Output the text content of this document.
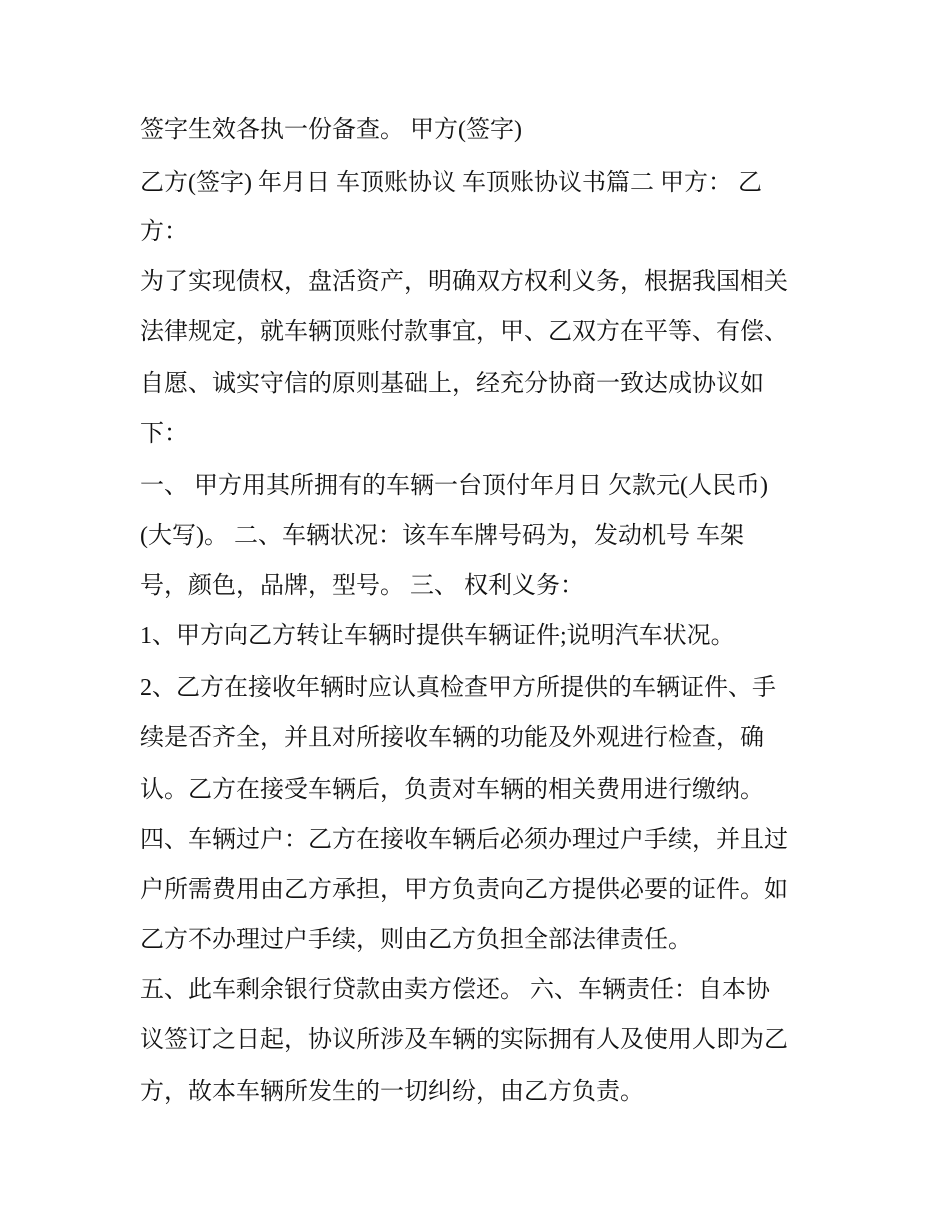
签字生效各执一份备查。 甲方(签字)
乙方(签字) 年月日 车顶账协议 车顶账协议书篇二 甲方： 乙
方：
为了实现债权，盘活资产，明确双方权利义务，根据我国相关
法律规定，就车辆顶账付款事宜，甲、乙双方在平等、有偿、
自愿、诚实守信的原则基础上，经充分协商一致达成协议如
下：
一、 甲方用其所拥有的车辆一台顶付年月日 欠款元(人民币)
(大写)。 二、车辆状况：该车车牌号码为，发动机号 车架
号，颜色，品牌，型号。 三、 权利义务：
1、甲方向乙方转让车辆时提供车辆证件;说明汽车状况。
2、乙方在接收年辆时应认真检查甲方所提供的车辆证件、手
续是否齐全，并且对所接收车辆的功能及外观进行检查，确
认。乙方在接受车辆后，负责对车辆的相关费用进行缴纳。
四、车辆过户：乙方在接收车辆后必须办理过户手续，并且过
户所需费用由乙方承担，甲方负责向乙方提供必要的证件。如
乙方不办理过户手续，则由乙方负担全部法律责任。
五、此车剩余银行贷款由卖方偿还。 六、车辆责任：自本协
议签订之日起，协议所涉及车辆的实际拥有人及使用人即为乙
方，故本车辆所发生的一切纠纷，由乙方负责。
